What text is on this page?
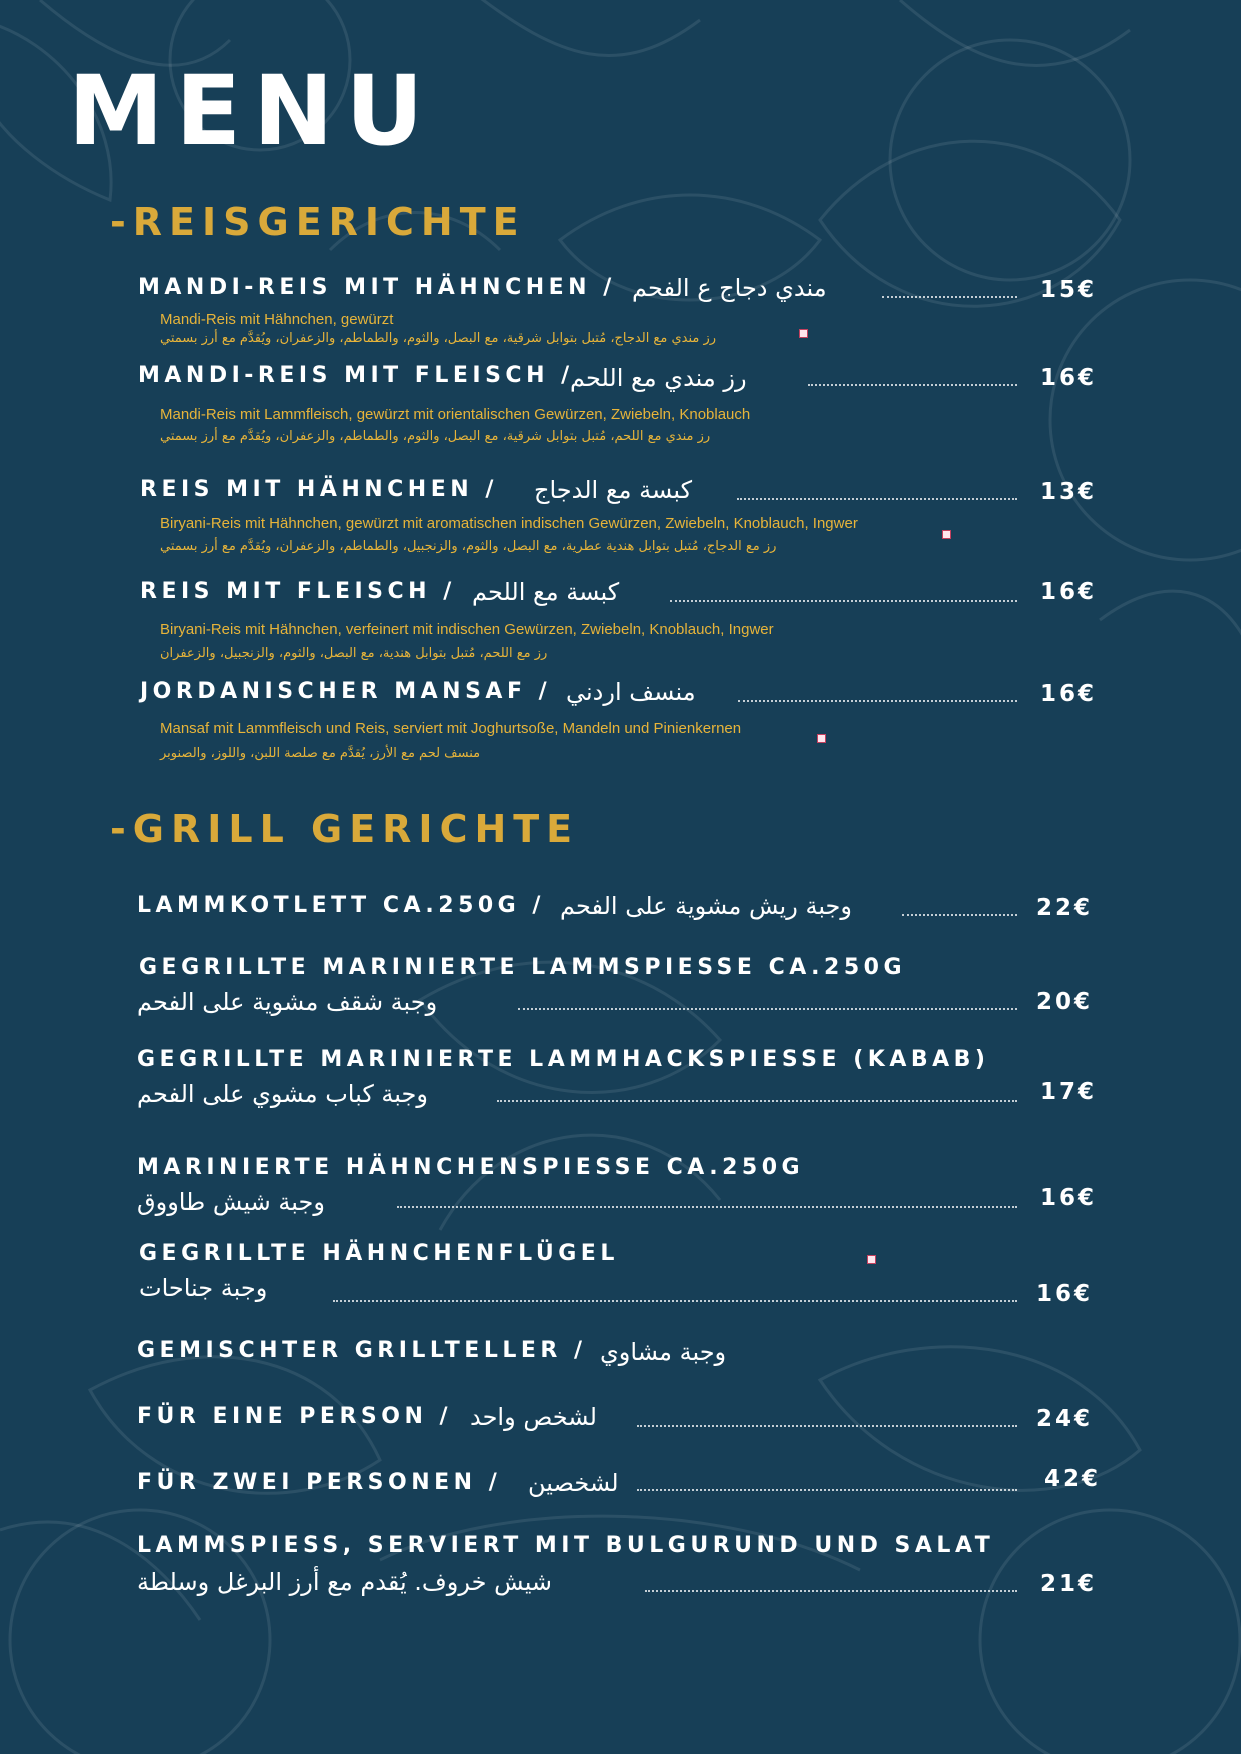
MENU
-REISGERICHTE
MANDI-REIS MIT HÄHNCHEN / مندي دجاج ع الفحم	15€
Mandi-Reis mit Hähnchen, gewürzt
رز مندي مع الدجاج، مُتبل بتوابل شرقية، مع البصل، والثوم، والطماطم، والزعفران، ويُقدَّم مع أرز بسمتي
MANDI-REIS MIT FLEISCH /
رز مندي مع اللحم	16€
Mandi-Reis mit Lammfleisch, gewürzt mit orientalischen Gewürzen, Zwiebeln, Knoblauch
رز مندي مع اللحم، مُتبل بتوابل شرقية، مع البصل، والثوم، والطماطم، والزعفران، ويُقدَّم مع أرز بسمتي
REIS MIT HÄHNCHEN / كبسة مع الدجاج	13€
Biryani-Reis mit Hähnchen, gewürzt mit aromatischen indischen Gewürzen, Zwiebeln, Knoblauch, Ingwer
رز مع الدجاج، مُتبل بتوابل هندية عطرية، مع البصل، والثوم، والزنجبيل، والطماطم، والزعفران، ويُقدَّم مع أرز بسمتي
REIS MIT FLEISCH / كبسة مع اللحم	16€
Biryani-Reis mit Hähnchen, verfeinert mit indischen Gewürzen, Zwiebeln, Knoblauch, Ingwer
رز مع اللحم، مُتبل بتوابل هندية، مع البصل، والثوم، والزنجبيل، والزعفران
JORDANISCHER MANSAF / منسف اردني	16€
Mansaf mit Lammfleisch und Reis, serviert mit Joghurtsoße, Mandeln und Pinienkernen
منسف لحم مع الأرز، يُقدَّم مع صلصة اللبن، واللوز، والصنوبر
-GRILL GERICHTE
LAMMKOTLETT CA.250G / وجبة ريش مشوية على الفحم	22€
GEGRILLTE MARINIERTE LAMMSPIESSE CA.250G
وجبة شقف مشوية على الفحم	20€
GEGRILLTE MARINIERTE LAMMHACKSPIESSE (KABAB)
وجبة كباب مشوي على الفحم	17€
MARINIERTE HÄHNCHENSPIESSE CA.250G
وجبة شيش طاووق	16€
GEGRILLTE HÄHNCHENFLÜGEL
وجبة جناحات	16€
GEMISCHTER GRILLTELLER / وجبة مشاوي
FÜR EINE PERSON / لشخص واحد	24€
FÜR ZWEI PERSONEN / لشخصين	42€
LAMMSPIESS, SERVIERT MIT BULGURUND UND SALAT
شيش خروف. يُقدم مع أرز البرغل وسلطة	21€
